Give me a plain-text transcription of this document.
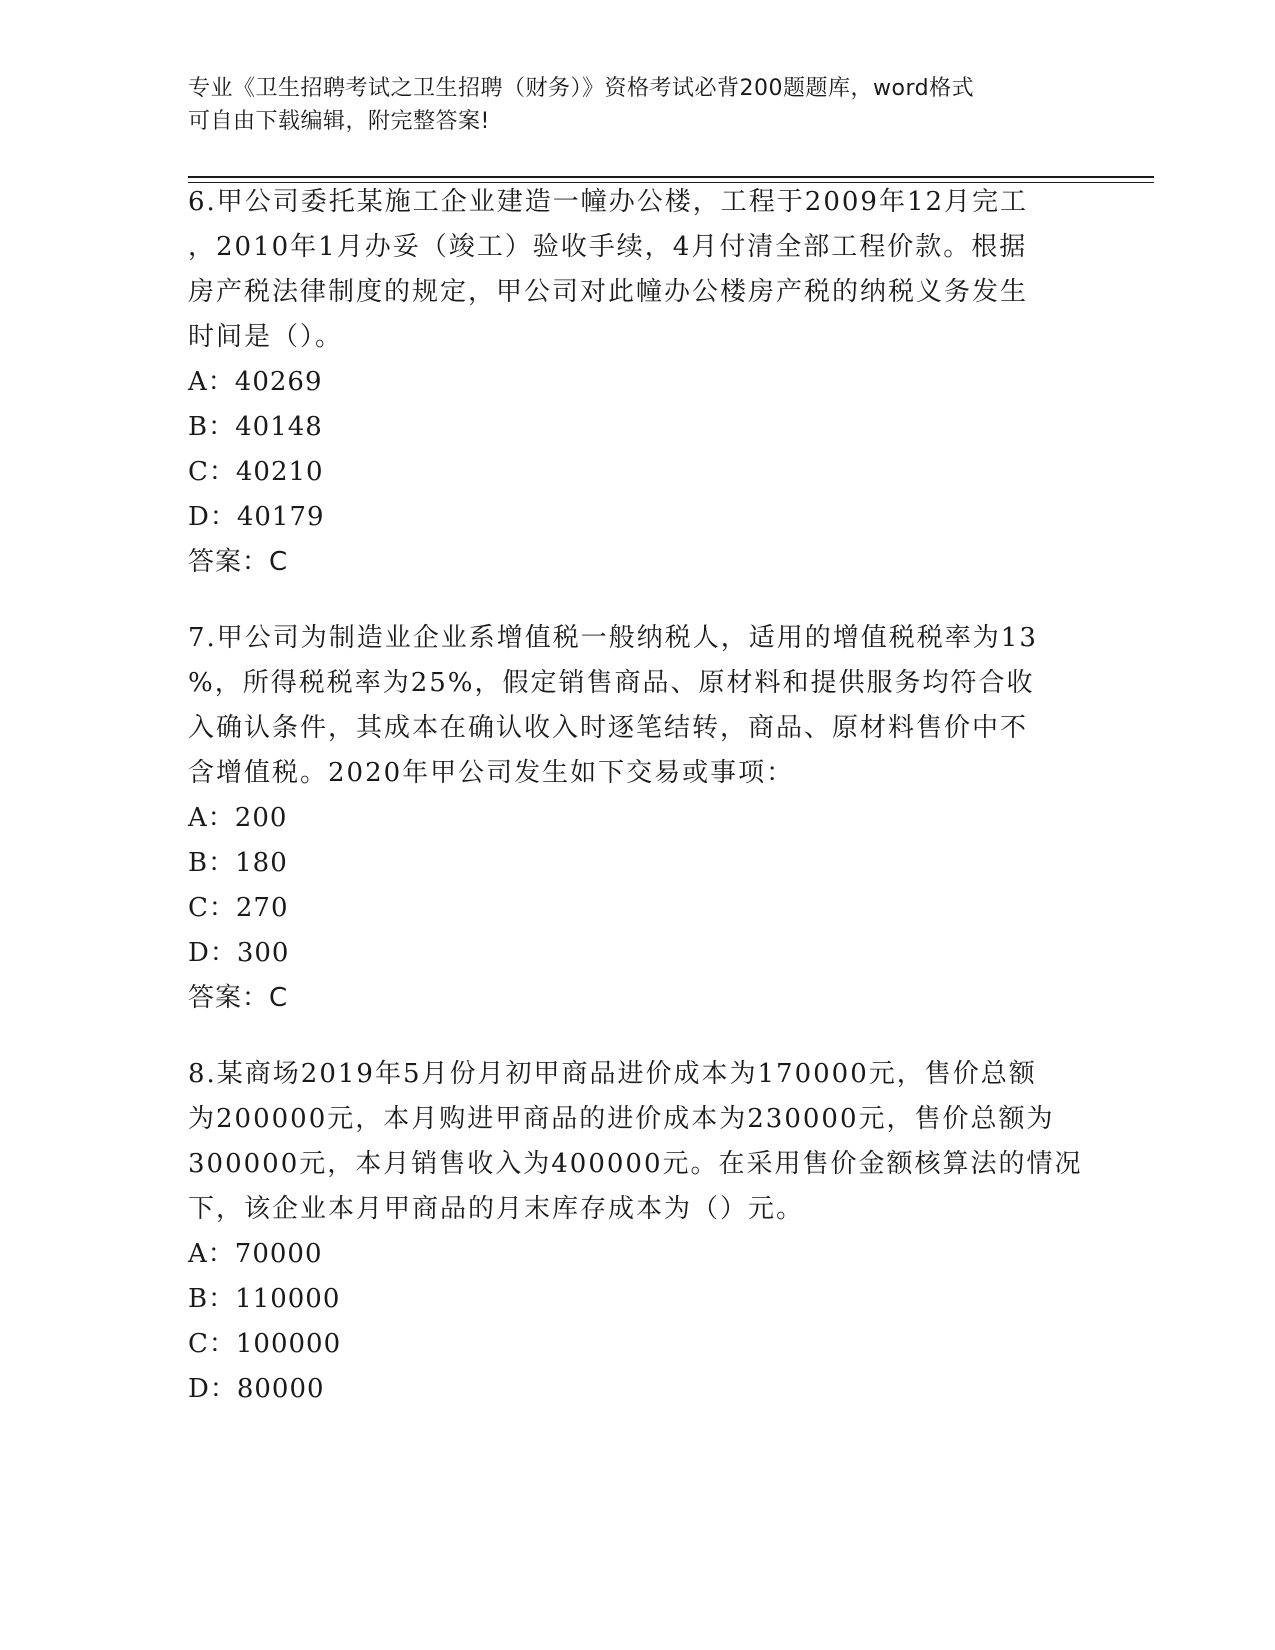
专业《卫生招聘考试之卫生招聘（财务）》资格考试必背200题题库，word格式
可自由下载编辑，附完整答案!

6.甲公司委托某施工企业建造一幢办公楼，工程于2009年12月完工

，2010年1月办妥（竣工）验收手续，4月付清全部工程价款。根据

房产税法律制度的规定，甲公司对此幢办公楼房产税的纳税义务发生

时间是（）。

A：40269

B：40148

C：40210

D：40179

答案：C

7.甲公司为制造业企业系增值税一般纳税人，适用的增值税税率为13

%，所得税税率为25%，假定销售商品、原材料和提供服务均符合收

入确认条件，其成本在确认收入时逐笔结转，商品、原材料售价中不

含增值税。2020年甲公司发生如下交易或事项：

A：200

B：180

C：270

D：300

答案：C

8.某商场2019年5月份月初甲商品进价成本为170000元，售价总额

为200000元，本月购进甲商品的进价成本为230000元，售价总额为

300000元，本月销售收入为400000元。在采用售价金额核算法的情况

下，该企业本月甲商品的月末库存成本为（）元。

A：70000

B：110000

C：100000

D：80000
